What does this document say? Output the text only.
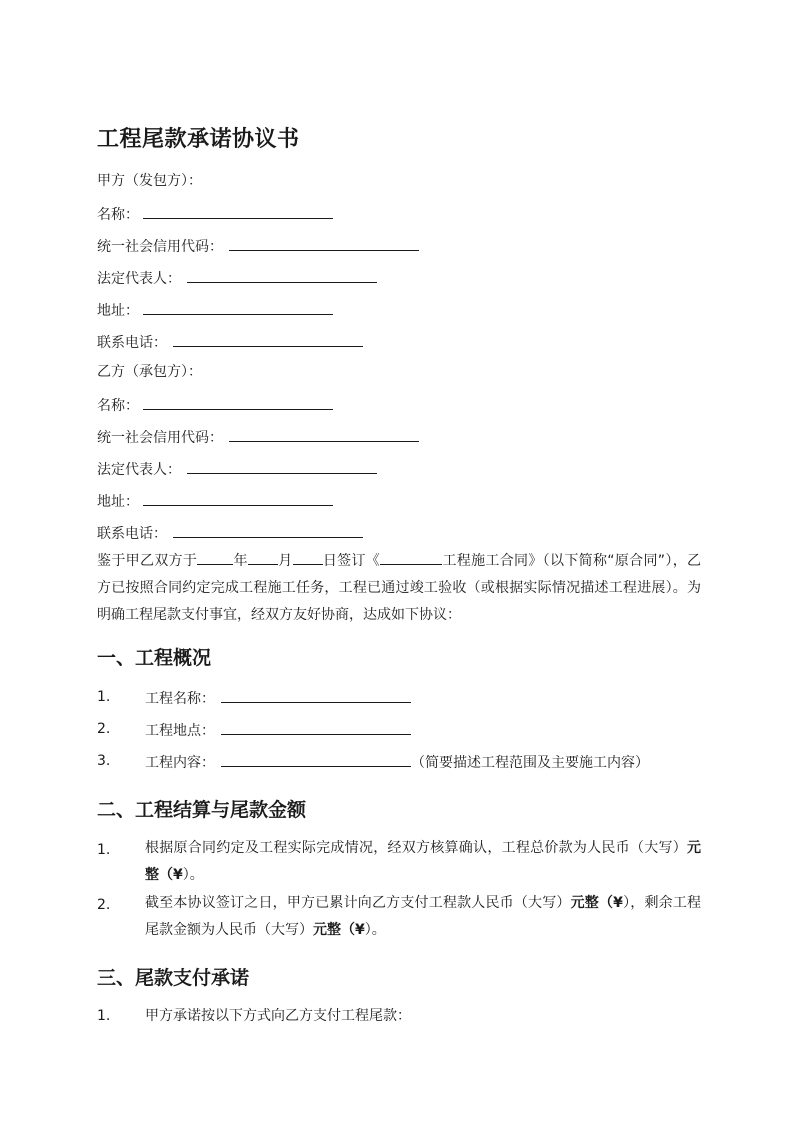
工程尾款承诺协议书
甲方（发包方）：
名称：
统一社会信用代码：
法定代表人：
地址：
联系电话：
乙方（承包方）：
名称：
统一社会信用代码：
法定代表人：
地址：
联系电话：
鉴于甲乙双方于	年 月 日签订《	工程施工合同》（以下简称“原合同”），乙方已按照合同约定完成工程施工任务，工程已通过竣工验收（或根据实际情况描述工程进展）。为明确工程尾款支付事宜，经双方友好协商，达成如下协议：
一、工程概况
1. 工程名称：
2. 工程地点：
3. 工程内容：	（简要描述工程范围及主要施工内容）
二、工程结算与尾款金额
1. 根据原合同约定及工程实际完成情况，经双方核算确认，工程总价款为人民币（大写）元整（¥）。
2. 截至本协议签订之日，甲方已累计向乙方支付工程款人民币（大写）元整（¥），剩余工程尾款金额为人民币（大写）元整（¥）。
三、尾款支付承诺
1. 甲方承诺按以下方式向乙方支付工程尾款：
